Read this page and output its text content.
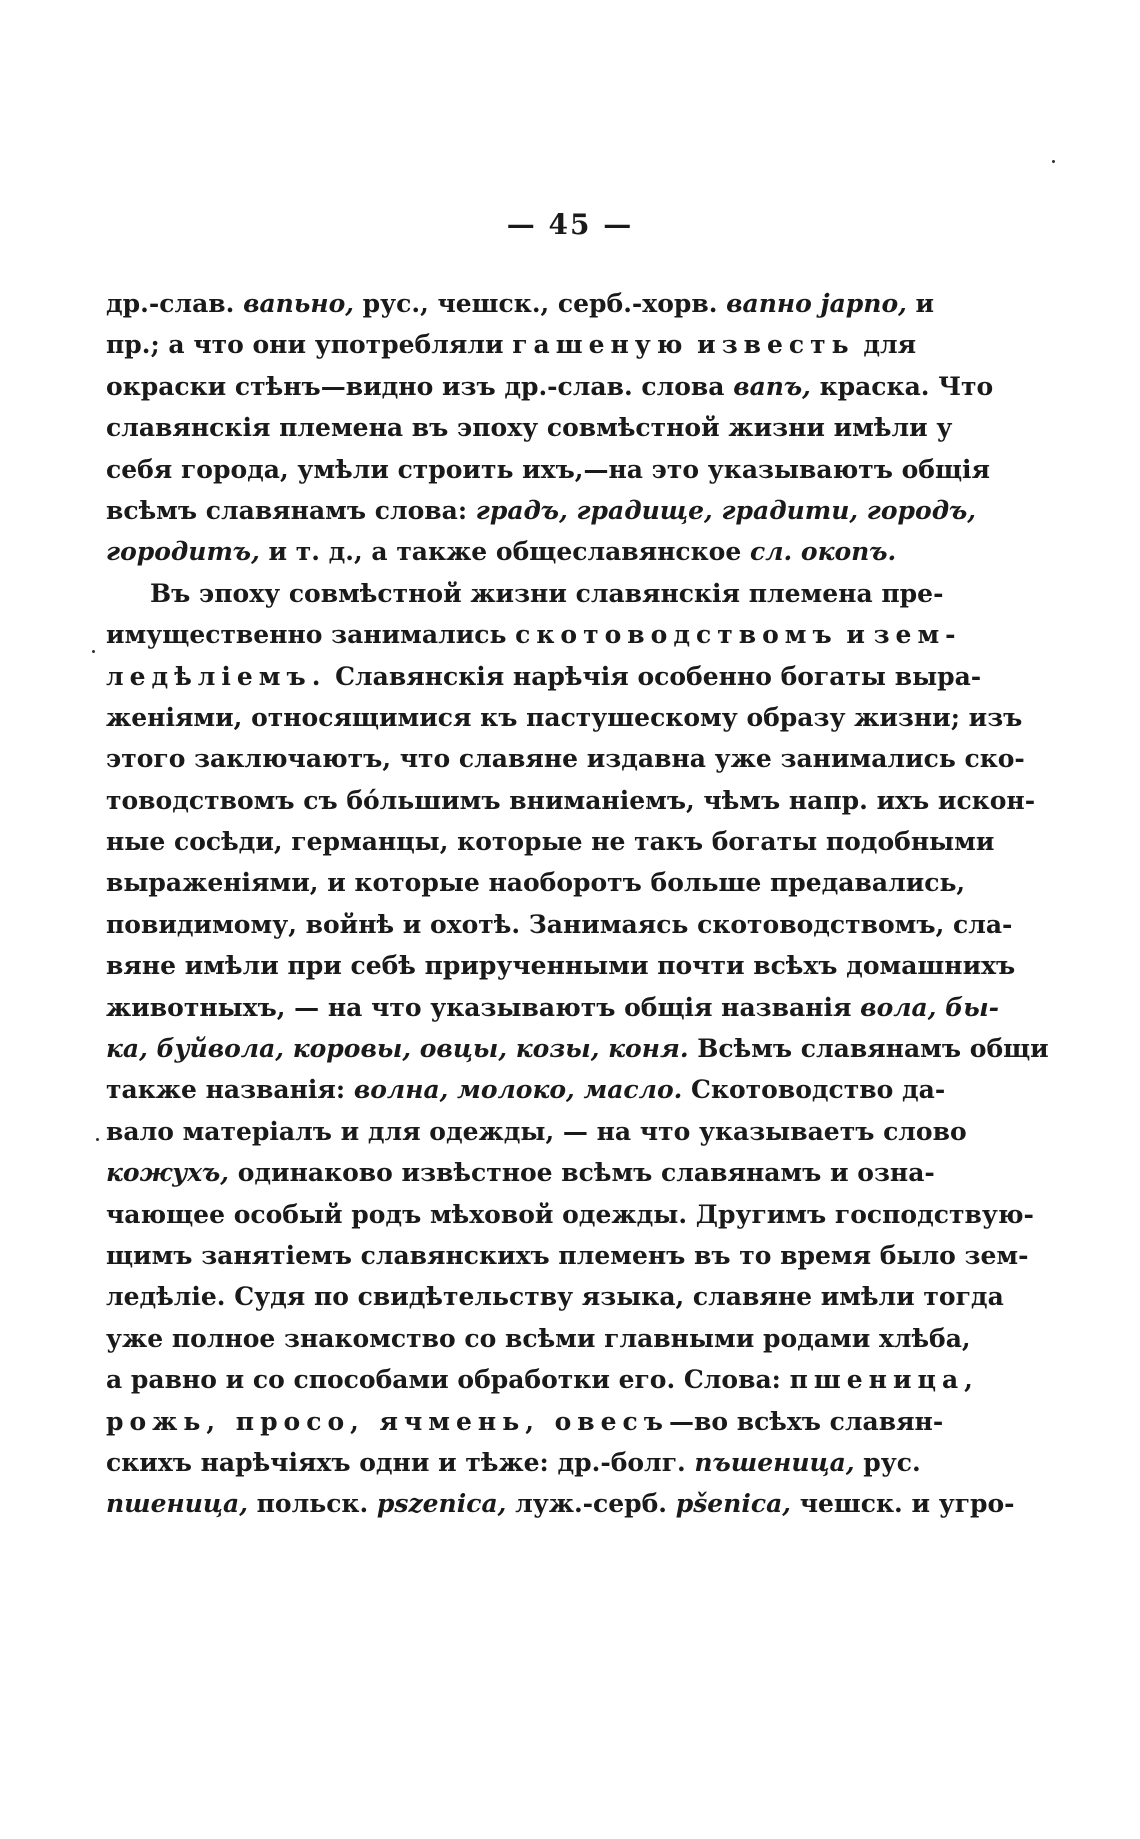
— 45 —
др.-слав. вапьно, рус., чешск., серб.-хорв. вапно јарпо, и
пр.; а что они употребляли гашеную известь для
окраски стѣнъ—видно изъ др.-слав. слова вапъ, краска. Что
славянскія племена въ эпоху совмѣстной жизни имѣли у
себя города, умѣли строить ихъ,—на это указываютъ общія
всѣмъ славянамъ слова: градъ, градище, градити, городъ,
городитъ, и т. д., а также общеславянское сл. окопъ.
Въ эпоху совмѣстной жизни славянскія племена пре-
имущественно занимались скотоводствомъ и зем-
ледѣліемъ. Славянскія нарѣчія особенно богаты выра-
женіями, относящимися къ пастушескому образу жизни; изъ
этого заключаютъ, что славяне издавна уже занимались ско-
товодствомъ съ бо́льшимъ вниманіемъ, чѣмъ напр. ихъ искон-
ные сосѣди, германцы, которые не такъ богаты подобными
выраженіями, и которые наоборотъ больше предавались,
повидимому, войнѣ и охотѣ. Занимаясь скотоводствомъ, сла-
вяне имѣли при себѣ прирученными почти всѣхъ домашнихъ
животныхъ, — на что указываютъ общія названія вола, бы-
ка, буйвола, коровы, овцы, козы, коня. Всѣмъ славянамъ общи
также названія: волна, молоко, масло. Скотоводство да-
вало матеріалъ и для одежды, — на что указываетъ слово
кожухъ, одинаково извѣстное всѣмъ славянамъ и озна-
чающее особый родъ мѣховой одежды. Другимъ господствую-
щимъ занятіемъ славянскихъ племенъ въ то время было зем-
ледѣліе. Судя по свидѣтельству языка, славяне имѣли тогда
уже полное знакомство со всѣми главными родами хлѣба,
а равно и со способами обработки его. Слова: пшеница,
рожь, просо, ячмень, овесъ—во всѣхъ славян-
скихъ нарѣчіяхъ одни и тѣже: др.-болг. пъшеница, рус.
пшеница, польск. pszenica, луж.-серб. pšenica, чешск. и угро-
